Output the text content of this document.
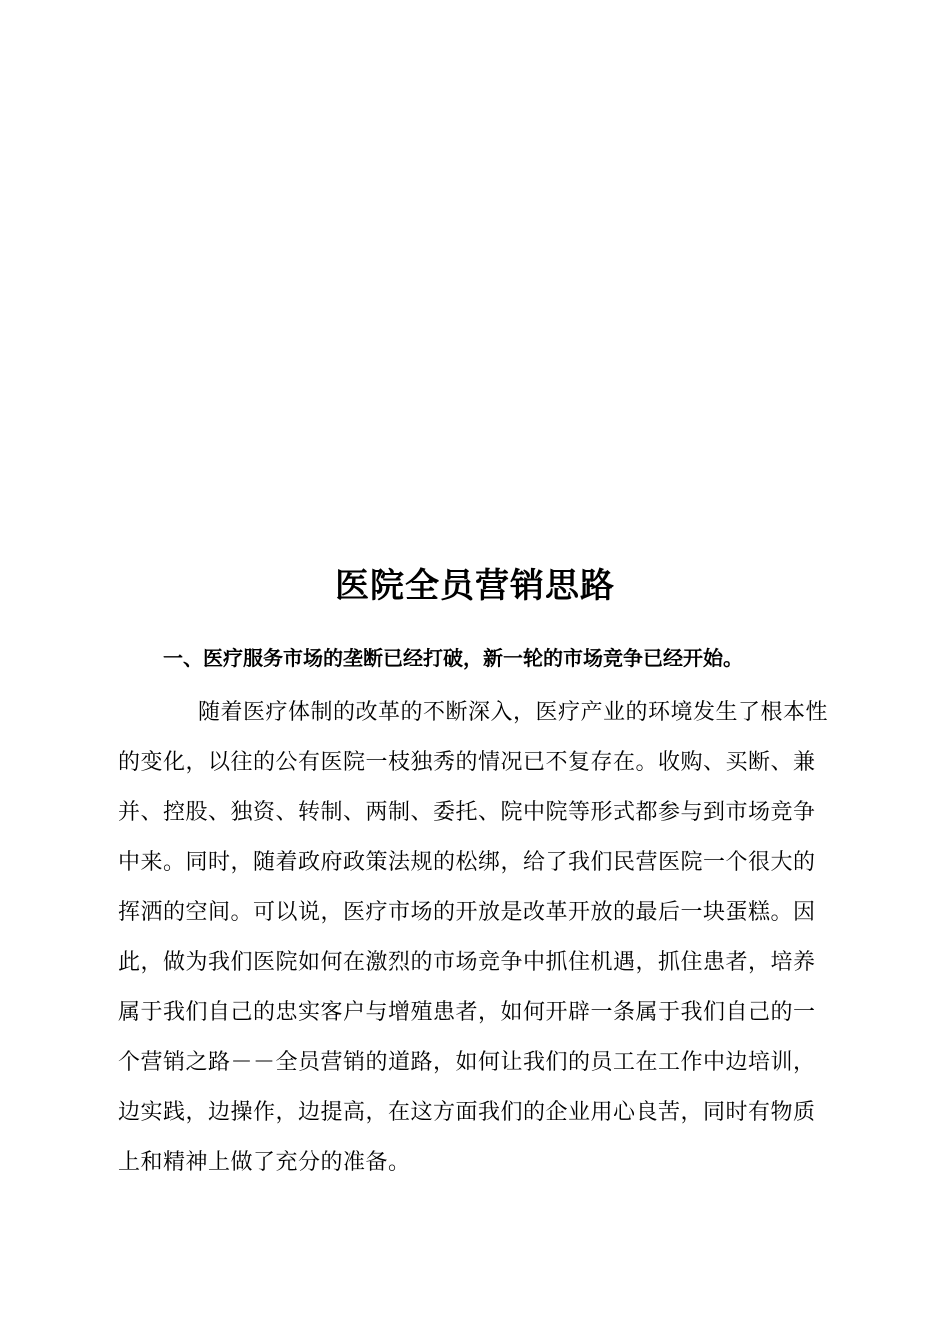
医院全员营销思路
一、医疗服务市场的垄断已经打破，新一轮的市场竞争已经开始。
随着医疗体制的改革的不断深入，医疗产业的环境发生了根本性
的变化，以往的公有医院一枝独秀的情况已不复存在。收购、买断、兼
并、控股、独资、转制、两制、委托、院中院等形式都参与到市场竞争
中来。同时，随着政府政策法规的松绑，给了我们民营医院一个很大的
挥洒的空间。可以说，医疗市场的开放是改革开放的最后一块蛋糕。因
此，做为我们医院如何在激烈的市场竞争中抓住机遇，抓住患者，培养
属于我们自己的忠实客户与增殖患者，如何开辟一条属于我们自己的一
个营销之路－－全员营销的道路，如何让我们的员工在工作中边培训，
边实践，边操作，边提高，在这方面我们的企业用心良苦，同时有物质
上和精神上做了充分的准备。
